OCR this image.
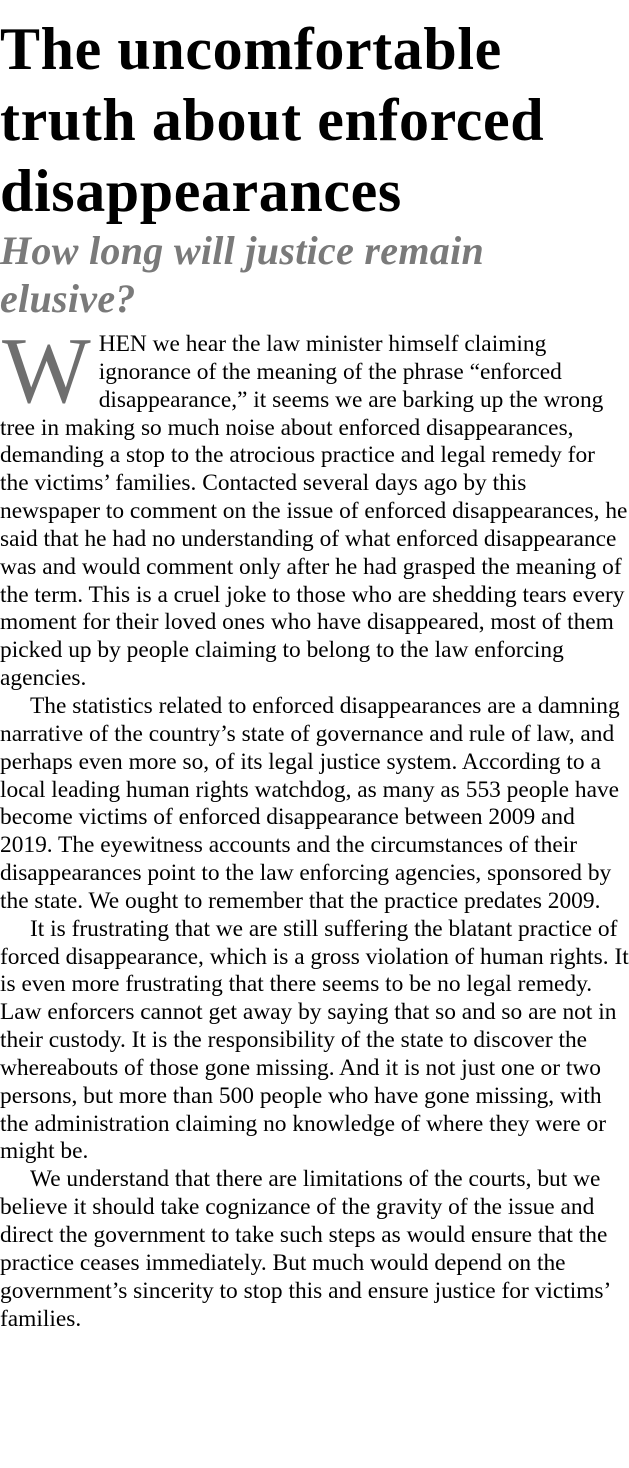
The uncomfortable truth about enforced disappearances
How long will justice remain elusive?

WHEN we hear the law minister himself claiming ignorance of the meaning of the phrase “enforced disappearance,” it seems we are barking up the wrong tree in making so much noise about enforced disappearances, demanding a stop to the atrocious practice and legal remedy for the victims’ families. Contacted several days ago by this newspaper to comment on the issue of enforced disappearances, he said that he had no understanding of what enforced disappearance was and would comment only after he had grasped the meaning of the term. This is a cruel joke to those who are shedding tears every moment for their loved ones who have disappeared, most of them picked up by people claiming to belong to the law enforcing agencies.

The statistics related to enforced disappearances are a damning narrative of the country’s state of governance and rule of law, and perhaps even more so, of its legal justice system. According to a local leading human rights watchdog, as many as 553 people have become victims of enforced disappearance between 2009 and 2019. The eyewitness accounts and the circumstances of their disappearances point to the law enforcing agencies, sponsored by the state. We ought to remember that the practice predates 2009.

It is frustrating that we are still suffering the blatant practice of forced disappearance, which is a gross violation of human rights. It is even more frustrating that there seems to be no legal remedy. Law enforcers cannot get away by saying that so and so are not in their custody. It is the responsibility of the state to discover the whereabouts of those gone missing. And it is not just one or two persons, but more than 500 people who have gone missing, with the administration claiming no knowledge of where they were or might be.

We understand that there are limitations of the courts, but we believe it should take cognizance of the gravity of the issue and direct the government to take such steps as would ensure that the practice ceases immediately. But much would depend on the government’s sincerity to stop this and ensure justice for victims’ families.
